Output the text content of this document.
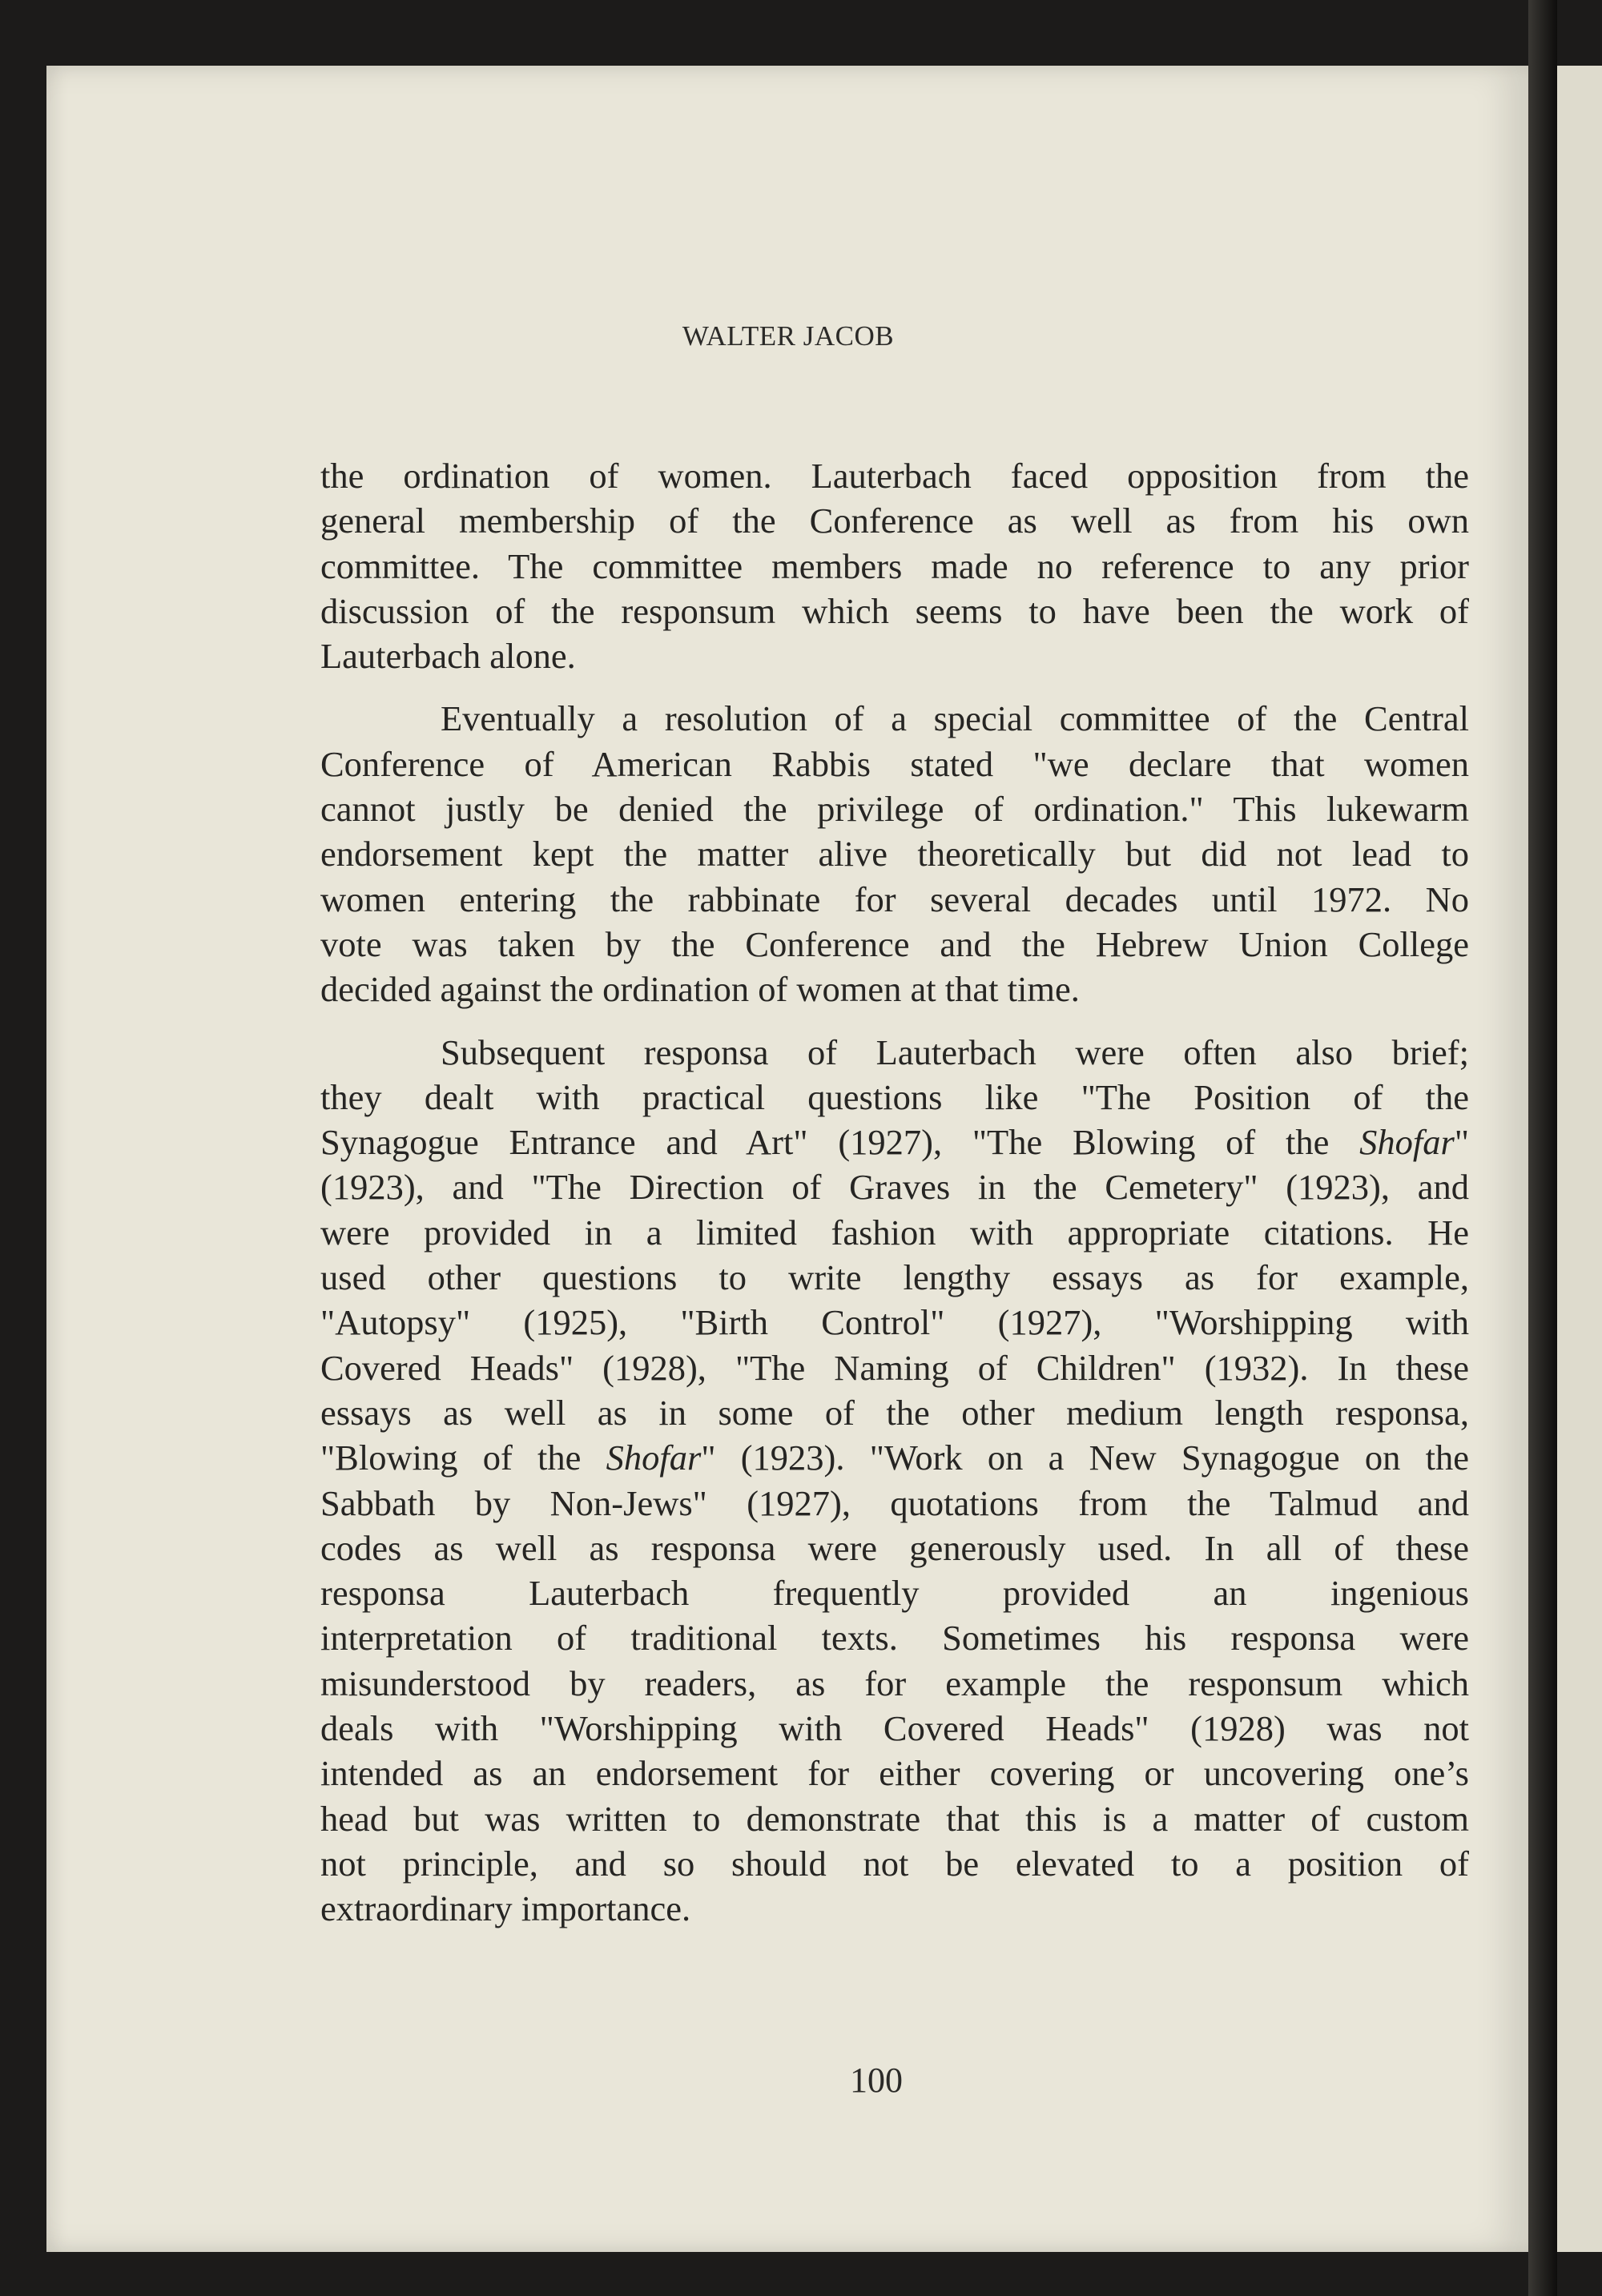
WALTER JACOB
the ordination of women. Lauterbach faced opposition from the
general membership of the Conference as well as from his own
committee. The committee members made no reference to any prior
discussion of the responsum which seems to have been the work of
Lauterbach alone.
Eventually a resolution of a special committee of the Central
Conference of American Rabbis stated "we declare that women
cannot justly be denied the privilege of ordination." This lukewarm
endorsement kept the matter alive theoretically but did not lead to
women entering the rabbinate for several decades until 1972. No
vote was taken by the Conference and the Hebrew Union College
decided against the ordination of women at that time.
Subsequent responsa of Lauterbach were often also brief;
they dealt with practical questions like "The Position of the
Synagogue Entrance and Art" (1927), "The Blowing of the Shofar"
(1923), and "The Direction of Graves in the Cemetery" (1923), and
were provided in a limited fashion with appropriate citations. He
used other questions to write lengthy essays as for example,
"Autopsy" (1925), "Birth Control" (1927), "Worshipping with
Covered Heads" (1928), "The Naming of Children" (1932). In these
essays as well as in some of the other medium length responsa,
"Blowing of the Shofar" (1923). "Work on a New Synagogue on the
Sabbath by Non-Jews" (1927), quotations from the Talmud and
codes as well as responsa were generously used. In all of these
responsa Lauterbach frequently provided an ingenious
interpretation of traditional texts. Sometimes his responsa were
misunderstood by readers, as for example the responsum which
deals with "Worshipping with Covered Heads" (1928) was not
intended as an endorsement for either covering or uncovering one’s
head but was written to demonstrate that this is a matter of custom
not principle, and so should not be elevated to a position of
extraordinary importance.
100
